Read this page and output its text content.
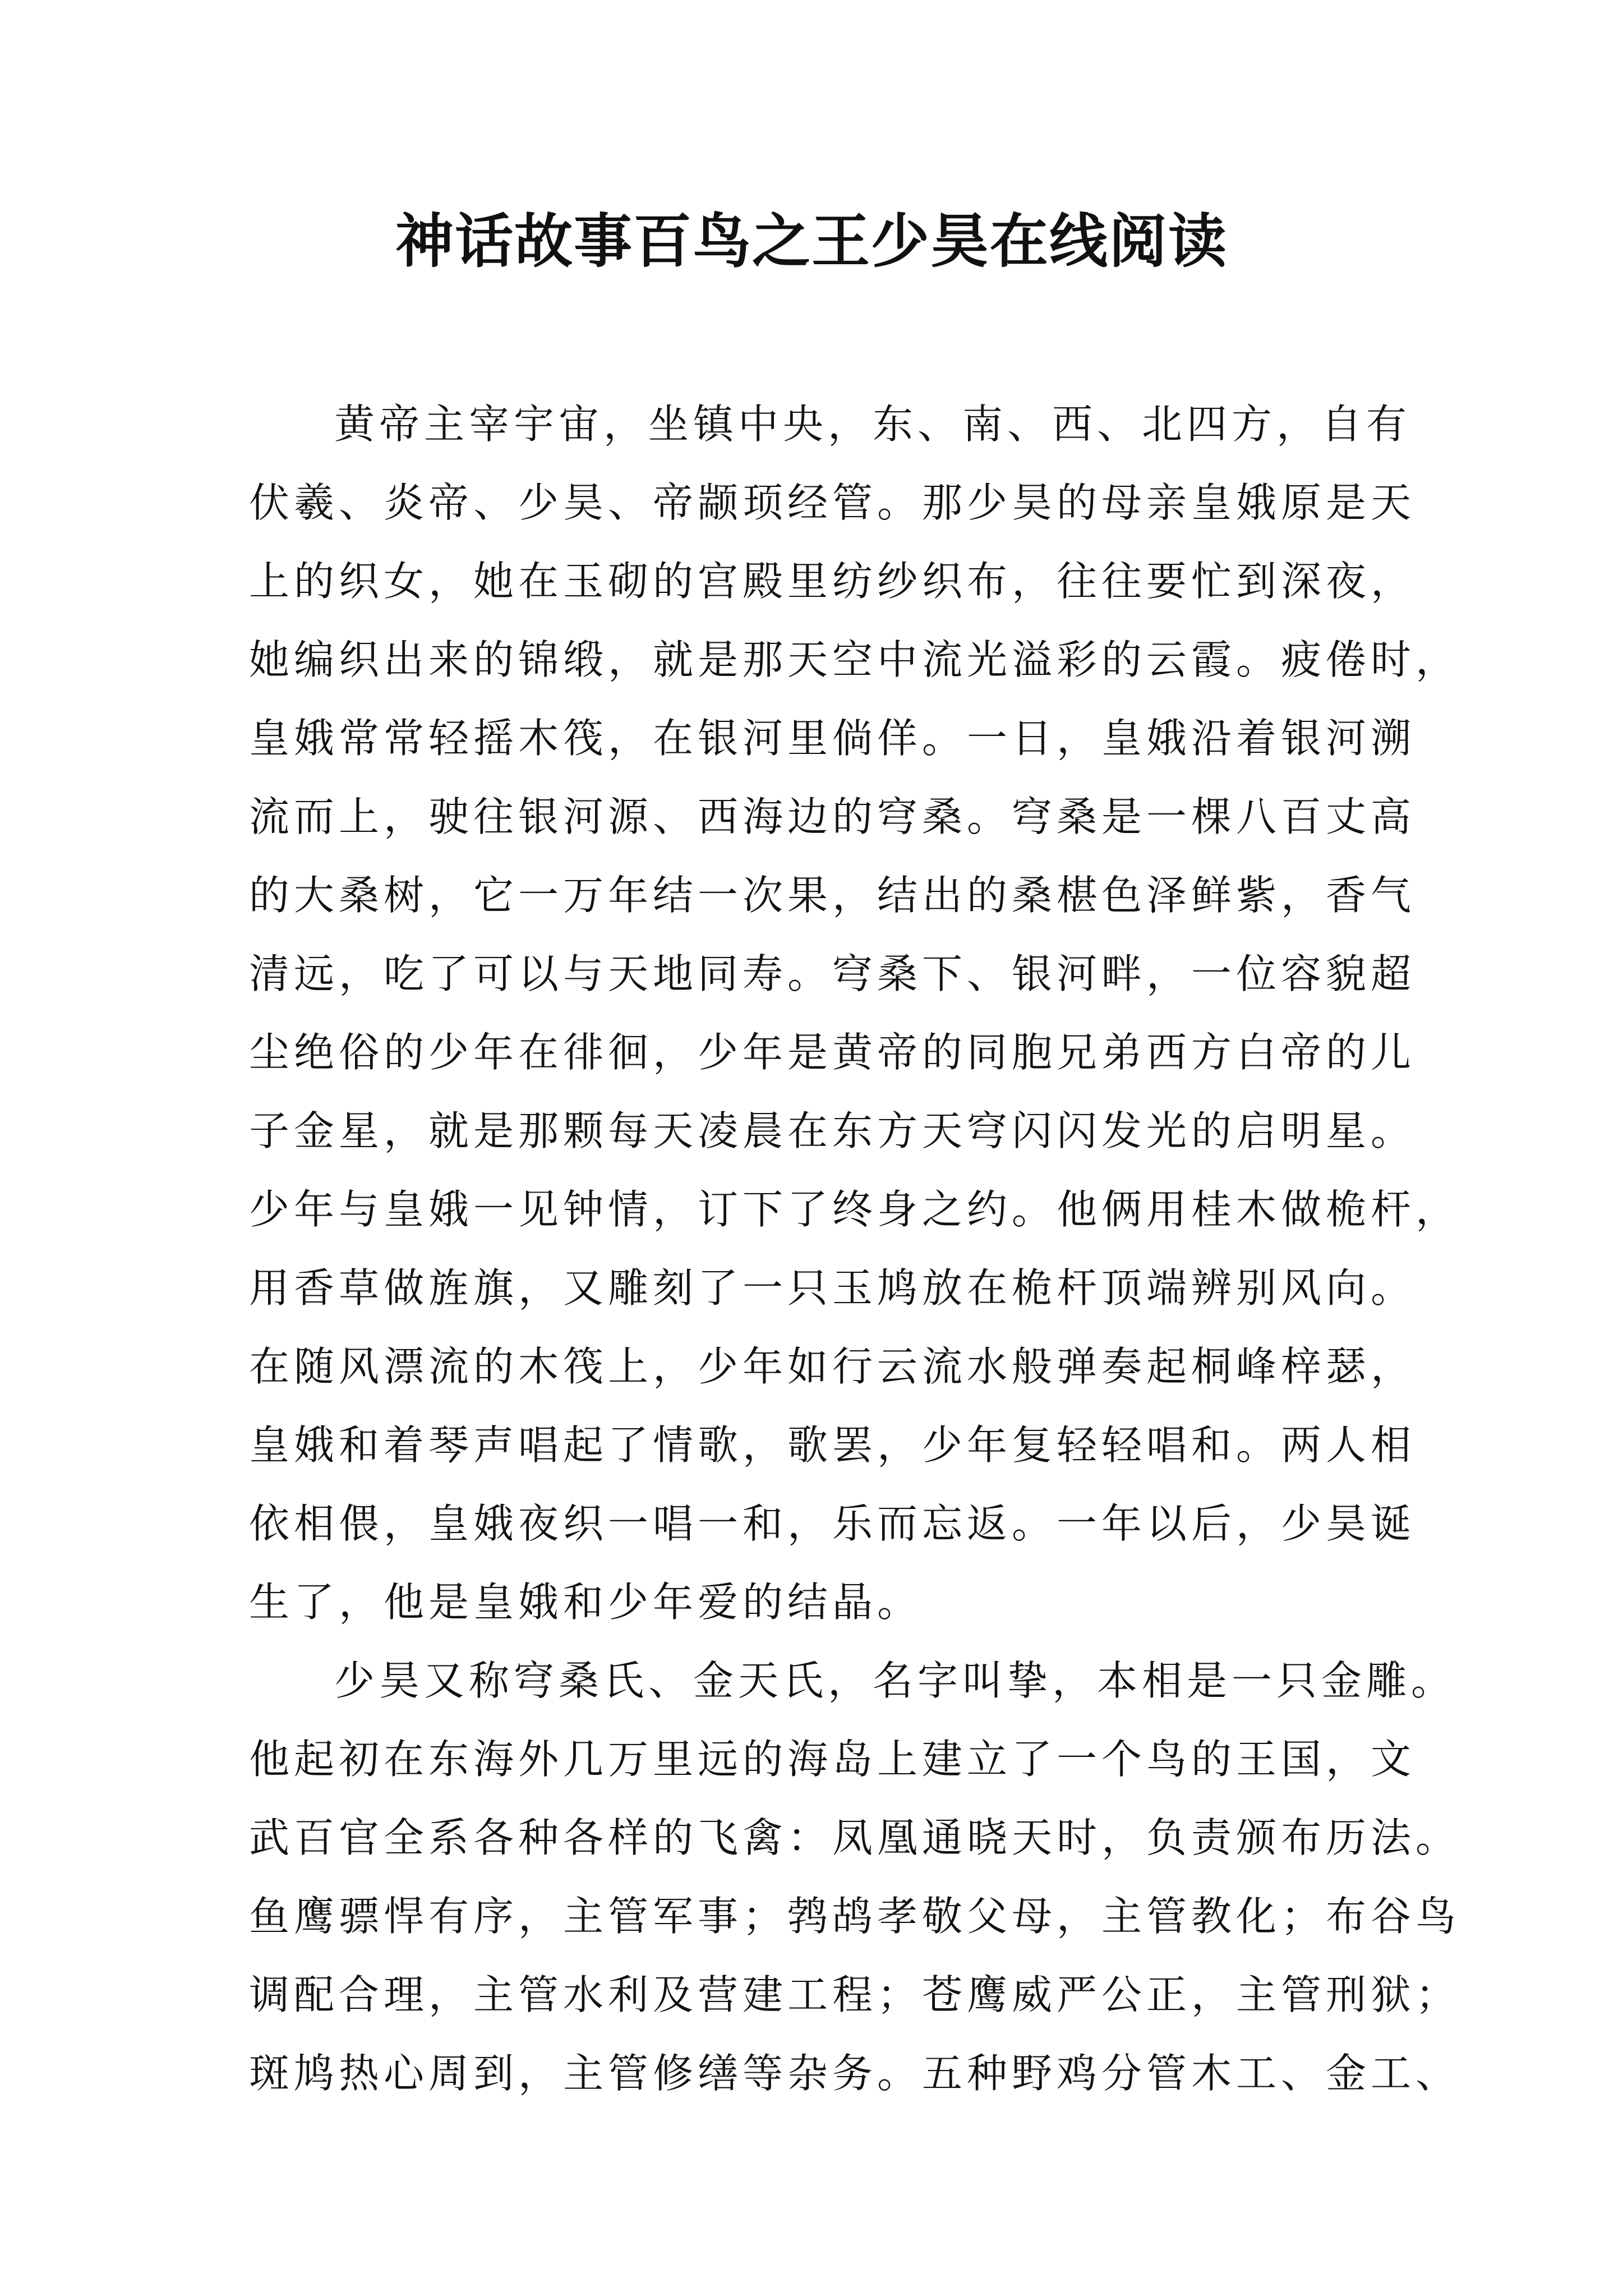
神话故事百鸟之王少昊在线阅读
黄帝主宰宇宙，坐镇中央，东、南、西、北四方，自有
伏羲、炎帝、少昊、帝颛顼经管。那少昊的母亲皇娥原是天
上的织女，她在玉砌的宫殿里纺纱织布，往往要忙到深夜，
她编织出来的锦缎，就是那天空中流光溢彩的云霞。疲倦时，
皇娥常常轻摇木筏，在银河里倘佯。一日，皇娥沿着银河溯
流而上，驶往银河源、西海边的穹桑。穹桑是一棵八百丈高
的大桑树，它一万年结一次果，结出的桑椹色泽鲜紫，香气
清远，吃了可以与天地同寿。穹桑下、银河畔，一位容貌超
尘绝俗的少年在徘徊，少年是黄帝的同胞兄弟西方白帝的儿
子金星，就是那颗每天凌晨在东方天穹闪闪发光的启明星。
少年与皇娥一见钟情，订下了终身之约。他俩用桂木做桅杆，
用香草做旌旗，又雕刻了一只玉鸠放在桅杆顶端辨别风向。
在随风漂流的木筏上，少年如行云流水般弹奏起桐峰梓瑟，
皇娥和着琴声唱起了情歌，歌罢，少年复轻轻唱和。两人相
依相偎，皇娥夜织一唱一和，乐而忘返。一年以后，少昊诞
生了，他是皇娥和少年爱的结晶。
少昊又称穹桑氏、金天氏，名字叫挚，本相是一只金雕。
他起初在东海外几万里远的海岛上建立了一个鸟的王国，文
武百官全系各种各样的飞禽：凤凰通晓天时，负责颁布历法。
鱼鹰骠悍有序，主管军事；鹁鸪孝敬父母，主管教化；布谷鸟
调配合理，主管水利及营建工程；苍鹰威严公正，主管刑狱；
斑鸠热心周到，主管修缮等杂务。五种野鸡分管木工、金工、
